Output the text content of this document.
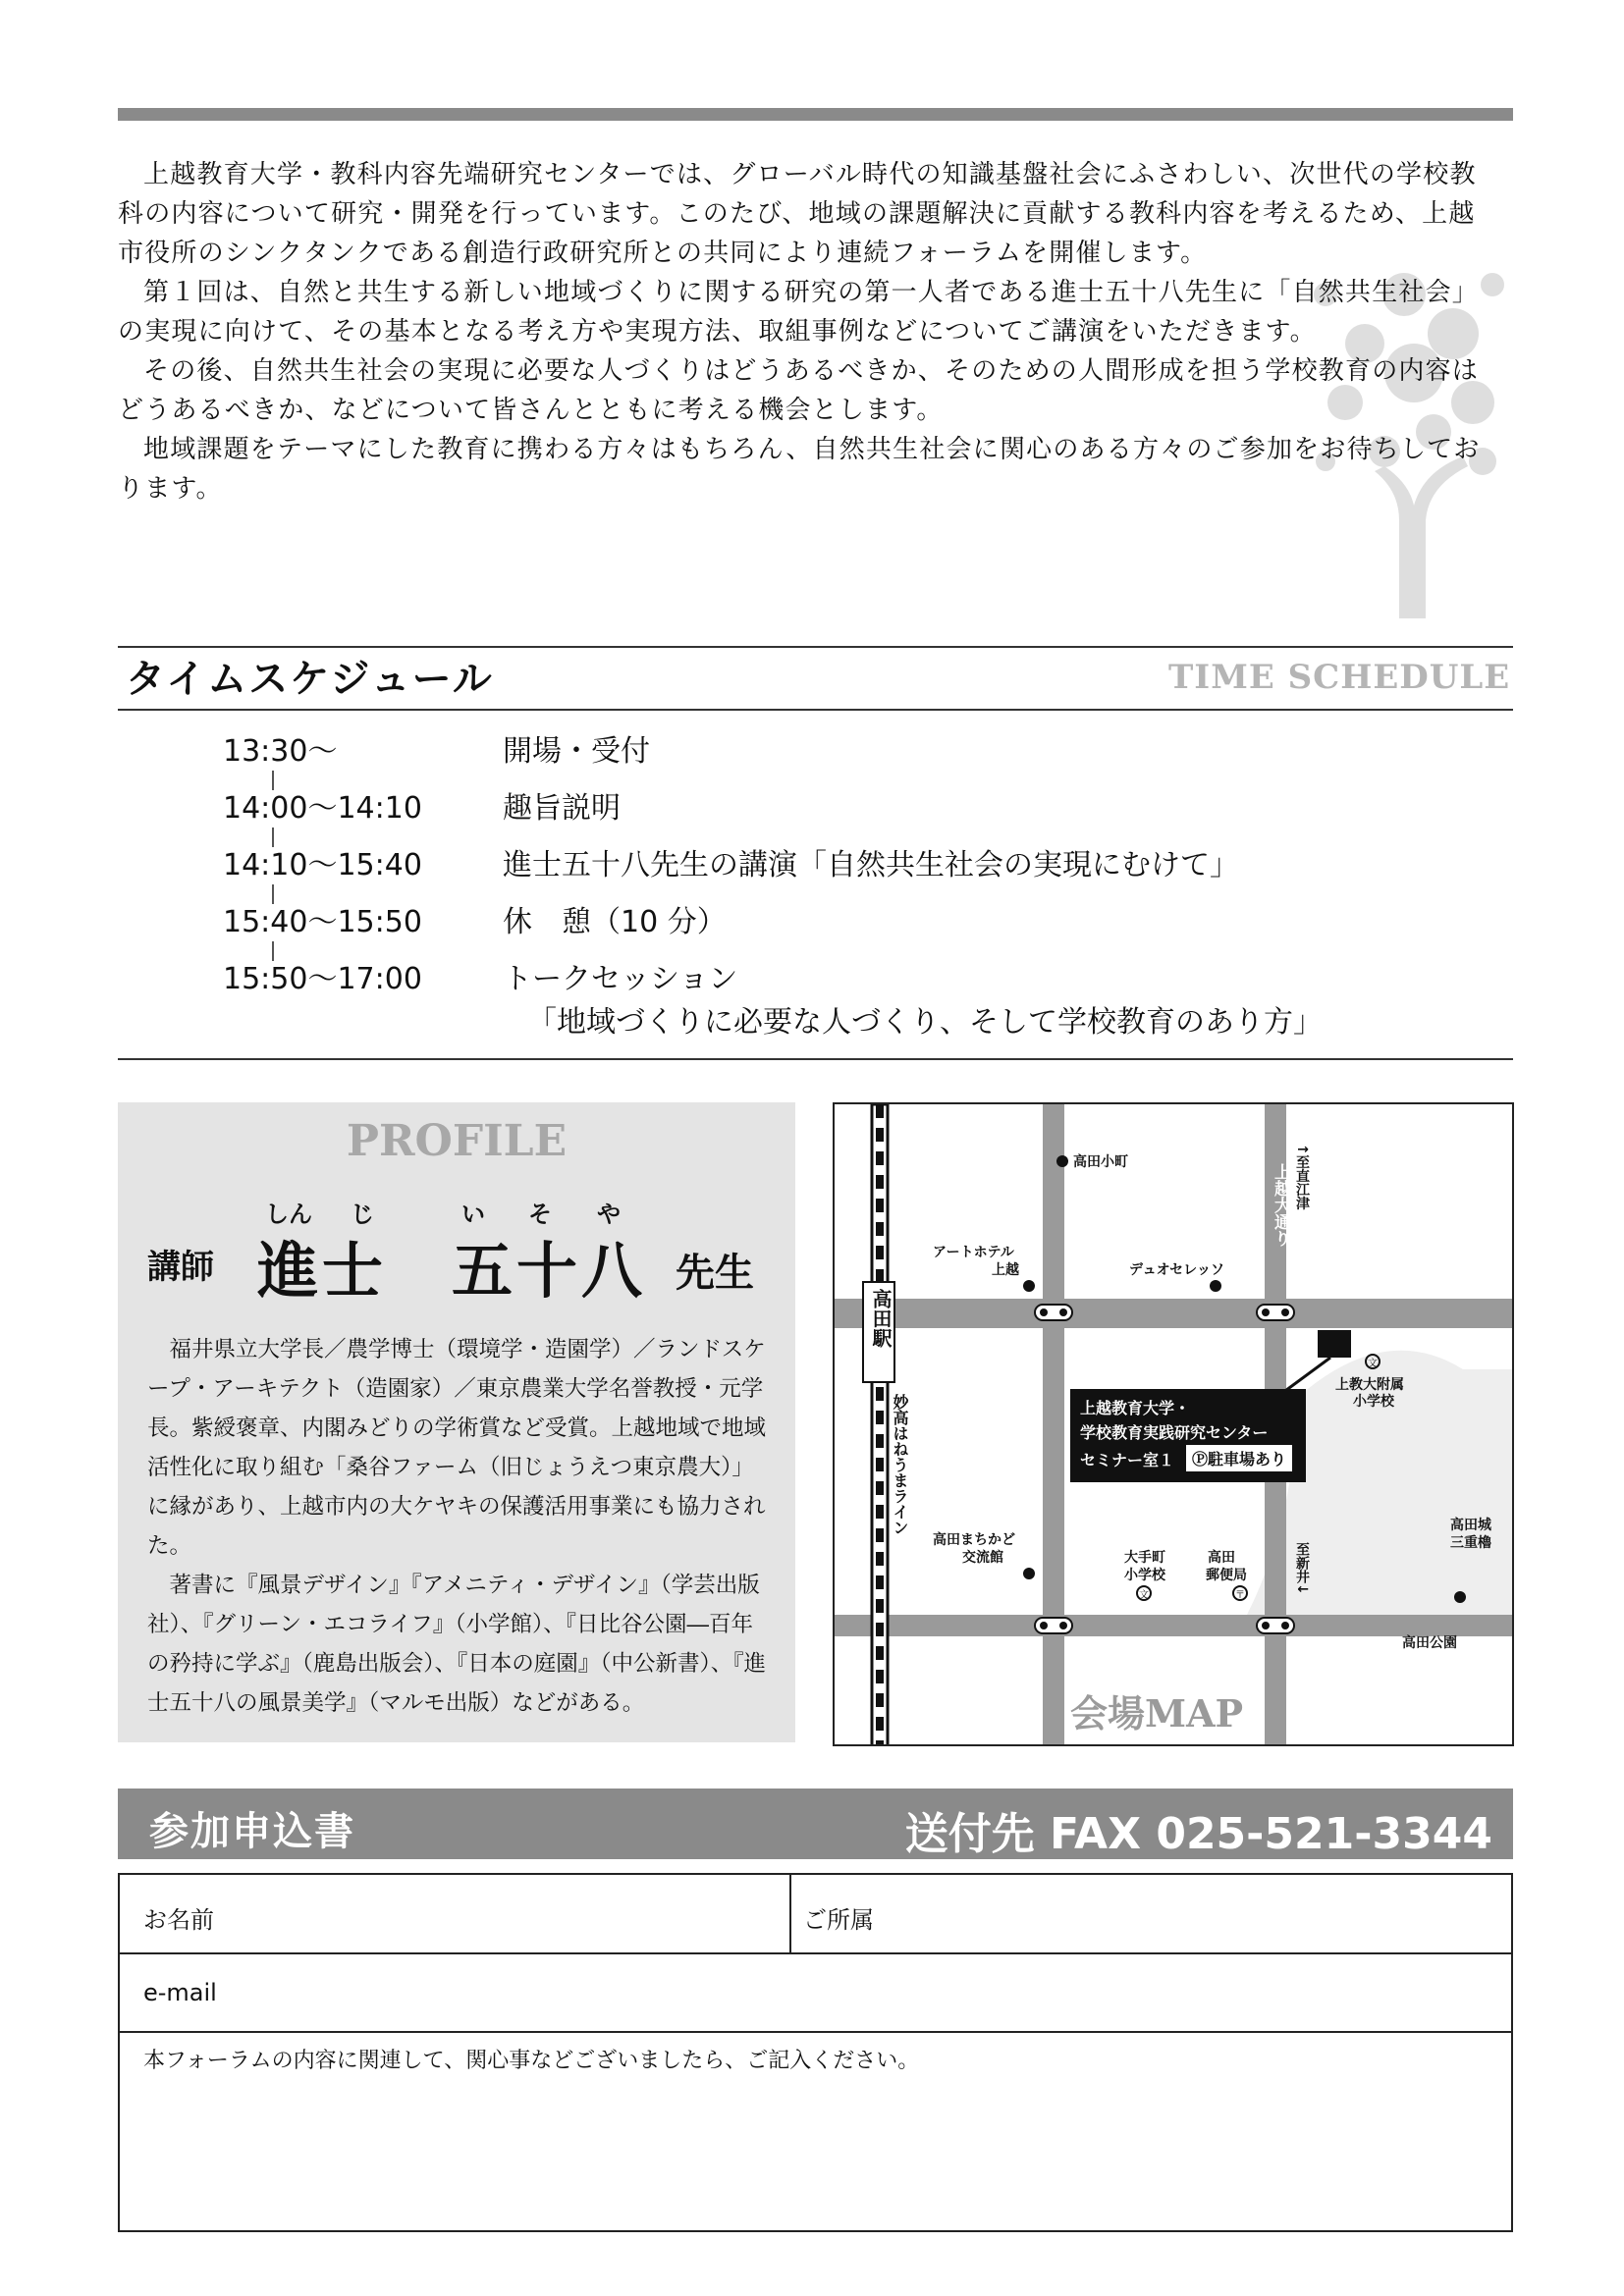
上越教育大学・教科内容先端研究センターでは、グローバル時代の知識基盤社会にふさわしい、次世代の学校教科の内容について研究・開発を行っています。このたび、地域の課題解決に貢献する教科内容を考えるため、上越市役所のシンクタンクである創造行政研究所との共同により連続フォーラムを開催します。

第１回は、自然と共生する新しい地域づくりに関する研究の第一人者である進士五十八先生に「自然共生社会」の実現に向けて、その基本となる考え方や実現方法、取組事例などについてご講演をいただきます。

その後、自然共生社会の実現に必要な人づくりはどうあるべきか、そのための人間形成を担う学校教育の内容はどうあるべきか、などについて皆さんとともに考える機会とします。

地域課題をテーマにした教育に携わる方々はもちろん、自然共生社会に関心のある方々のご参加をお待ちしております。

タイムスケジュール	TIME SCHEDULE
13:30〜	開場・受付
14:00〜14:10	趣旨説明
14:10〜15:40	進士五十八先生の講演「自然共生社会の実現にむけて」
15:40〜15:50	休　憩（10 分）
15:50〜17:00	トークセッション
「地域づくりに必要な人づくり、そして学校教育のあり方」
PROFILE
講師
しん じ	い そ や
進士　五十八 先生

福井県立大学長／農学博士（環境学・造園学）／ランドスケープ・アーキテクト（造園家）／東京農業大学名誉教授・元学長。紫綬褒章、内閣みどりの学術賞など受賞。上越地域で地域活性化に取り組む「桑谷ファーム（旧じょうえつ東京農大）」に縁があり、上越市内の大ケヤキの保護活用事業にも協力された。

著書に『風景デザイン』『アメニティ・デザイン』（学芸出版社）、『グリーン・エコライフ』（小学館）、『日比谷公園―百年の矜持に学ぶ』（鹿島出版会）、『日本の庭園』（中公新書）、『進士五十八の風景美学』（マルモ出版）などがある。

文
文	〒
高田駅
妙高はねうまライン
上越大通り ↑至直江津
至新井↓
高田小町
アートホテル
上越	デュオセレッソ
上教大附属
小学校
高田まちかど
交流館	大手町
小学校
高田
郵便局
高田城
三重櫓
高田公園
上越教育大学・
学校教育実践研究センター
セミナー室１	Ⓟ駐車場あり
会場MAP
参加申込書	送付先 FAX 025-521-3344
お名前	ご所属
e-mail
本フォーラムの内容に関連して、関心事などございましたら、ご記入ください。
